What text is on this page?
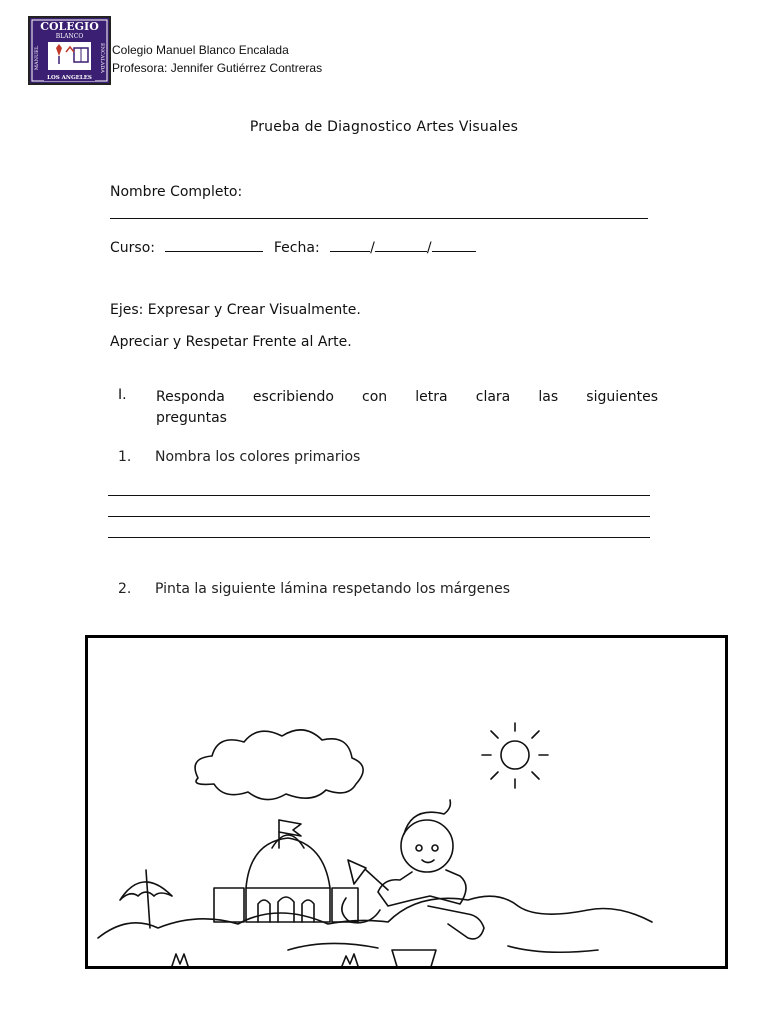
COLEGIO
BLANCO
MANUEL	ENCALADA
LOS ANGELES
Colegio Manuel Blanco Encalada
Profesora: Jennifer Gutiérrez Contreras
Prueba de Diagnostico Artes Visuales
Nombre Completo:
Curso:	Fecha:	/	/
Ejes: Expresar y Crear Visualmente.
Apreciar y Respetar Frente al Arte.
I. Responda escribiendo con letra clara las siguientes
preguntas
1. Nombra los colores primarios
2. Pinta la siguiente lámina respetando los márgenes
